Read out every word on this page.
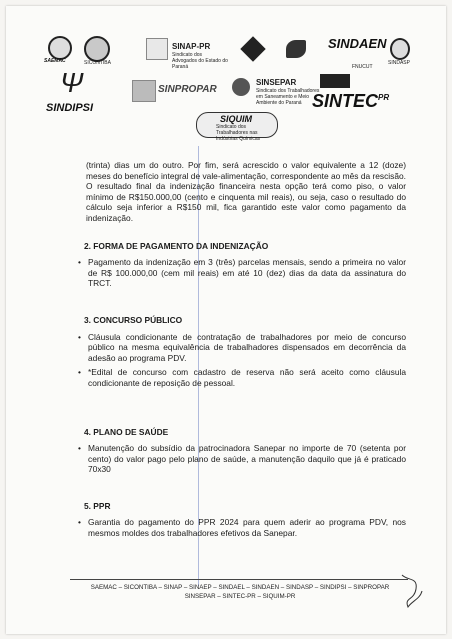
SAEMAC	SICONTIBA
SINAP-PR
Sindicato dos Advogados do Estado do Paraná
SINDAEN
FNUCUT
SINDASP
SINDIPSI
Ψ	SINPROPAR
SINSEPAR
Sindicato dos Trabalhadores em Saneamento e Meio Ambiente do Paraná $SINTEC^{PR}$
SIQUIM
Sindicato dos Trabalhadores nas Indústrias Químicas

(trinta) dias um do outro. Por fim, será acrescido o valor equivalente a 12 (doze) meses do benefício integral de vale-alimentação, correspondente ao mês da rescisão. O resultado final da indenização financeira nesta opção terá como piso, o valor mínimo de R$150.000,00 (cento e cinquenta mil reais), ou seja, caso o resultado do cálculo seja inferior a R$150 mil, fica garantido este valor como pagamento da indenização.

2. FORMA DE PAGAMENTO DA INDENIZAÇÃO

• Pagamento da indenização em 3 (três) parcelas mensais, sendo a primeira no valor de R$ 100.000,00 (cem mil reais) em até 10 (dez) dias da data da assinatura do TRCT.

3. CONCURSO PÚBLICO

• Cláusula condicionante de contratação de trabalhadores por meio de concurso público na mesma equivalência de trabalhadores dispensados em decorrência da adesão ao programa PDV.
• *Edital de concurso com cadastro de reserva não será aceito como cláusula condicionante de reposição de pessoal.

4. PLANO DE SAÚDE

• Manutenção do subsídio da patrocinadora Sanepar no importe de 70 (setenta por cento) do valor pago pelo plano de saúde, a manutenção daquilo que já é praticado 70x30

5. PPR

• Garantia do pagamento do PPR 2024 para quem aderir ao programa PDV, nos mesmos moldes dos trabalhadores efetivos da Sanepar.
SAEMAC – SICONTIBA – SINAP – SINAEP – SINDAEL – SINDAEN – SINDASP – SINDIPSI – SINPROPAR
SINSEPAR – SINTEC-PR – SIQUIM-PR
